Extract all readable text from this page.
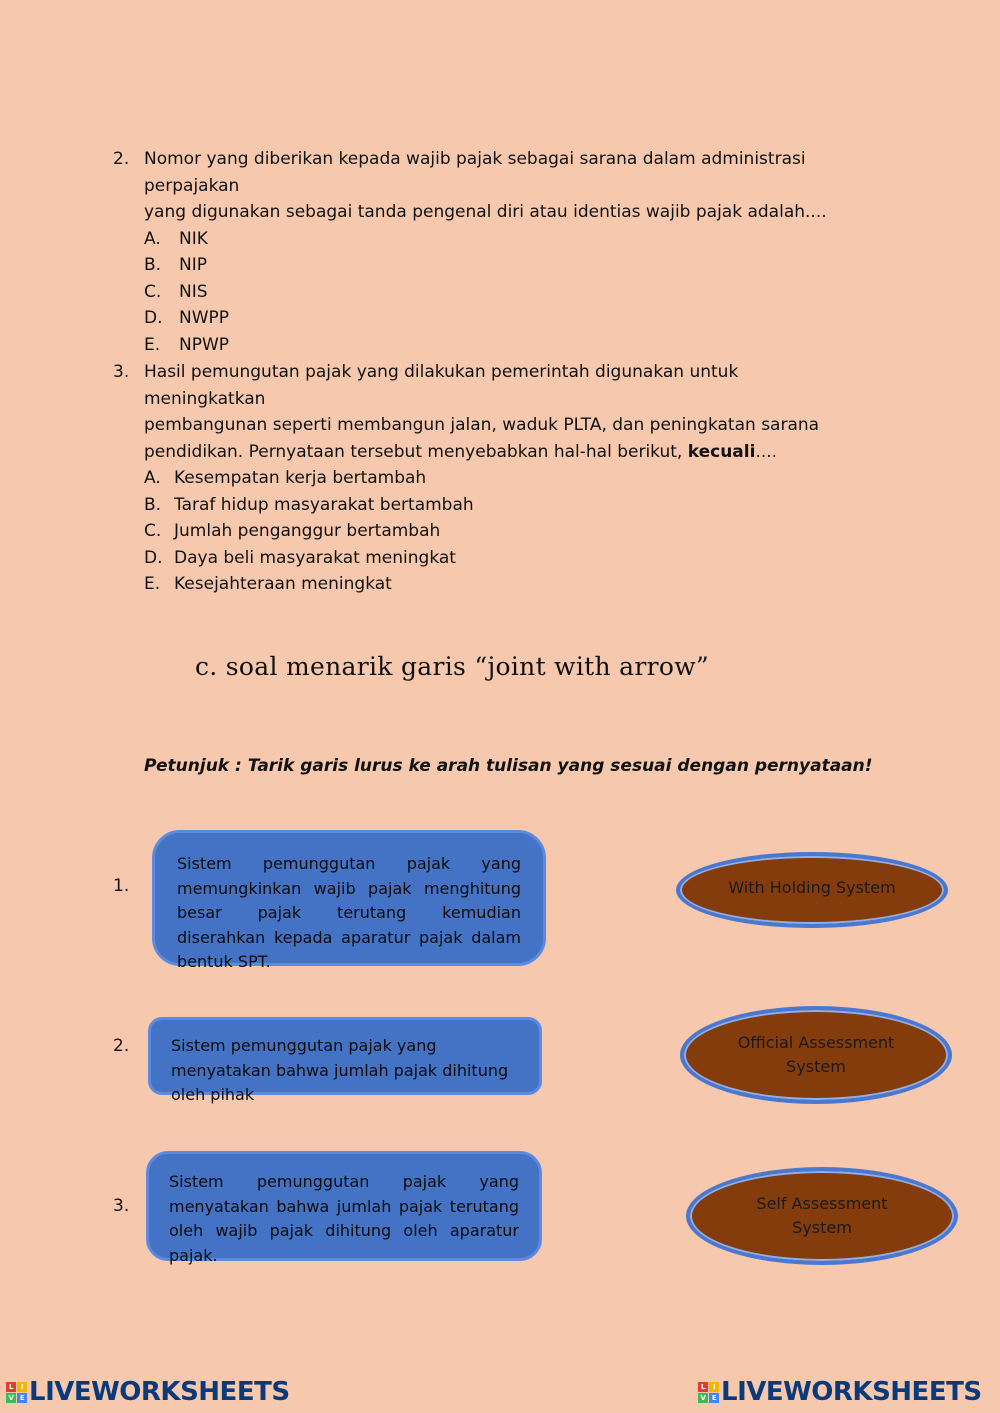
2. Nomor yang diberikan kepada wajib pajak sebagai sarana dalam administrasi perpajakan
yang digunakan sebagai tanda pengenal diri atau identias wajib pajak adalah....
A.	NIK
B.	NIP
C.	NIS
D. NWPP
E.	NPWP
3. Hasil pemungutan pajak yang dilakukan pemerintah digunakan untuk meningkatkan
pembangunan seperti membangun jalan, waduk PLTA, dan peningkatan sarana
pendidikan. Pernyataan tersebut menyebabkan hal-hal berikut, kecuali....
A. Kesempatan kerja bertambah
B. Taraf hidup masyarakat bertambah
C. Jumlah penganggur bertambah
D. Daya beli masyarakat meningkat
E. Kesejahteraan meningkat
c. soal menarik garis “joint with arrow”
Petunjuk : Tarik garis lurus ke arah tulisan yang sesuai dengan pernyataan!
1.
Sistem pemunggutan pajak yang memungkinkan wajib pajak menghitung besar pajak terutang kemudian diserahkan kepada aparatur pajak dalam bentuk SPT.
2.	Sistem pemunggutan pajak yang menyatakan bahwa jumlah pajak dihitung oleh pihak
3.
Sistem pemunggutan pajak yang menyatakan bahwa jumlah pajak terutang oleh wajib pajak dihitung oleh aparatur pajak.
With Holding System
Official Assessment
System
Self Assessment
System
L	I
V E LIVEWORKSHEETS	L	I
V E LIVEWORKSHEETS
